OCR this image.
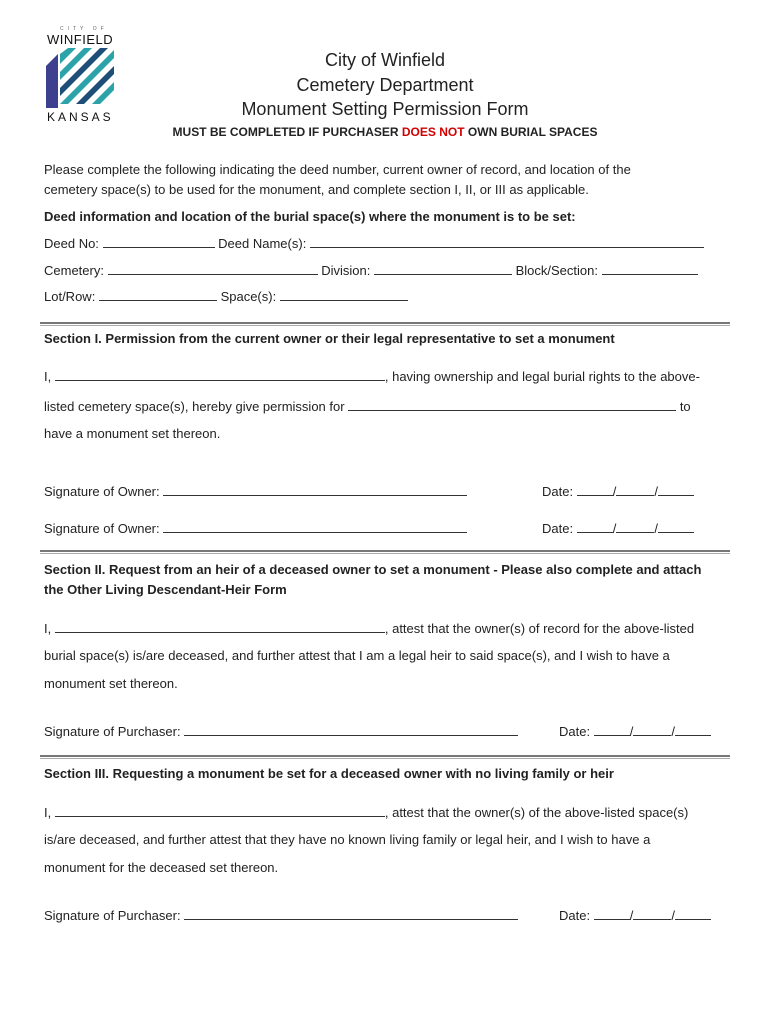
CITY OF
WINFIELD
KANSAS
City of Winfield
Cemetery Department
Monument Setting Permission Form
MUST BE COMPLETED IF PURCHASER DOES NOT OWN BURIAL SPACES
Please complete the following indicating the deed number, current owner of record, and location of the
cemetery space(s) to be used for the monument, and complete section I, II, or III as applicable.
Deed information and location of the burial space(s) where the monument is to be set:
Deed No:	Deed Name(s):
Cemetery:	Division:	Block/Section:
Lot/Row:	Space(s):
Section I. Permission from the current owner or their legal representative to set a monument
I,	, having ownership and legal burial rights to the above-
listed cemetery space(s), hereby give permission for	to
have a monument set thereon.
Signature of Owner:	Date:	/	/
Signature of Owner:	Date:	/	/
Section II. Request from an heir of a deceased owner to set a monument - Please also complete and attach
the Other Living Descendant-Heir Form
I,	, attest that the owner(s) of record for the above-listed
burial space(s) is/are deceased, and further attest that I am a legal heir to said space(s), and I wish to have a
monument set thereon.
Signature of Purchaser:	Date:	/	/
Section III. Requesting a monument be set for a deceased owner with no living family or heir
I,	, attest that the owner(s) of the above-listed space(s)
is/are deceased, and further attest that they have no known living family or legal heir, and I wish to have a
monument for the deceased set thereon.
Signature of Purchaser:	Date:	/	/
